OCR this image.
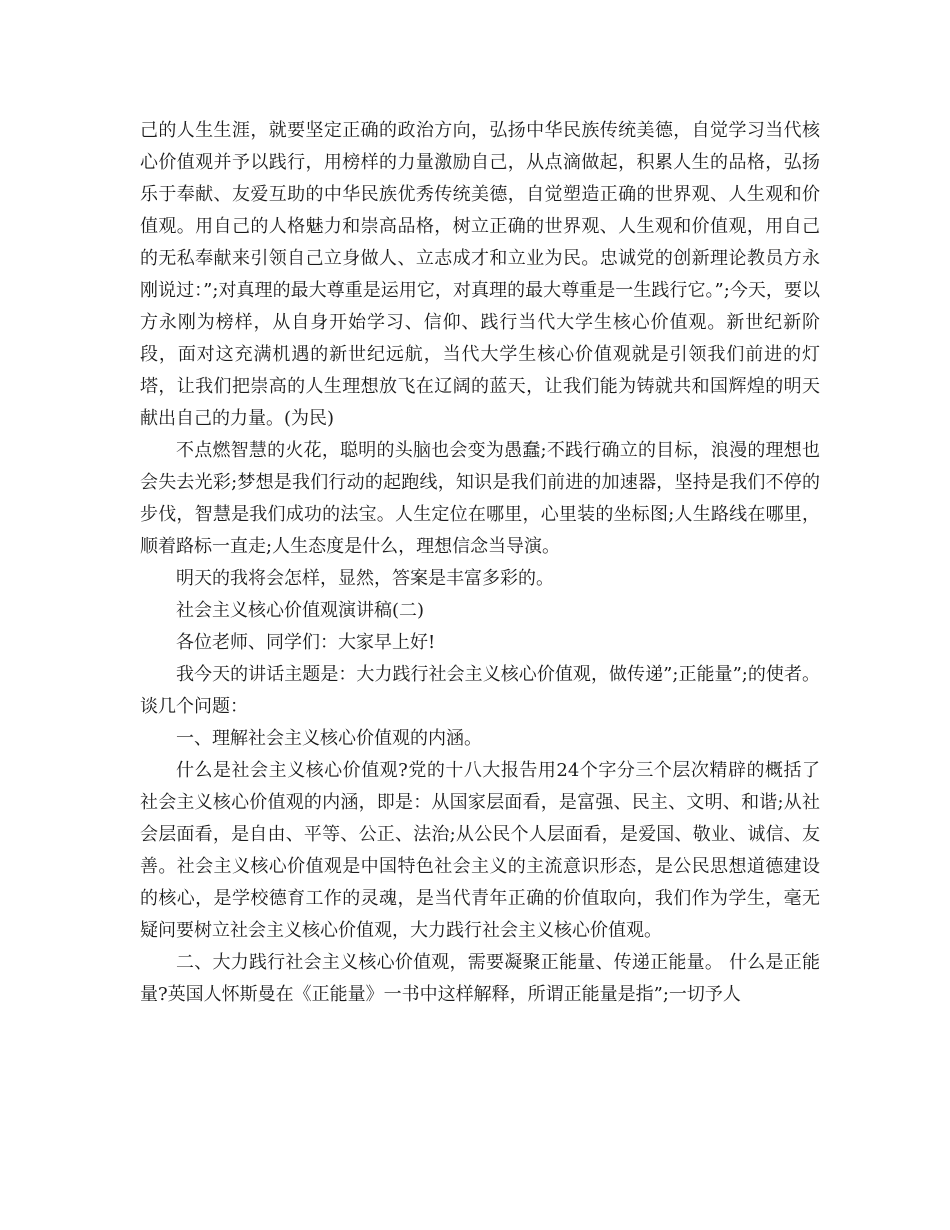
己的人生生涯，就要坚定正确的政治方向，弘扬中华民族传统美德，自觉学习当代核心价值观并予以践行，用榜样的力量激励自己，从点滴做起，积累人生的品格，弘扬乐于奉献、友爱互助的中华民族优秀传统美德，自觉塑造正确的世界观、人生观和价值观。用自己的人格魅力和崇高品格，树立正确的世界观、人生观和价值观，用自己的无私奉献来引领自己立身做人、立志成才和立业为民。忠诚党的创新理论教员方永刚说过：”;对真理的最大尊重是运用它，对真理的最大尊重是一生践行它。”;今天，要以方永刚为榜样，从自身开始学习、信仰、践行当代大学生核心价值观。新世纪新阶段，面对这充满机遇的新世纪远航，当代大学生核心价值观就是引领我们前进的灯塔，让我们把崇高的人生理想放飞在辽阔的蓝天，让我们能为铸就共和国辉煌的明天献出自己的力量。(为民)

不点燃智慧的火花，聪明的头脑也会变为愚蠢;不践行确立的目标，浪漫的理想也会失去光彩;梦想是我们行动的起跑线，知识是我们前进的加速器，坚持是我们不停的步伐，智慧是我们成功的法宝。人生定位在哪里，心里装的坐标图;人生路线在哪里，顺着路标一直走;人生态度是什么，理想信念当导演。

明天的我将会怎样，显然，答案是丰富多彩的。

社会主义核心价值观演讲稿(二)

各位老师、同学们：大家早上好!

我今天的讲话主题是：大力践行社会主义核心价值观，做传递”;正能量”;的使者。谈几个问题：

一、理解社会主义核心价值观的内涵。

什么是社会主义核心价值观?党的十八大报告用24个字分三个层次精辟的概括了社会主义核心价值观的内涵，即是：从国家层面看，是富强、民主、文明、和谐;从社会层面看，是自由、平等、公正、法治;从公民个人层面看，是爱国、敬业、诚信、友善。社会主义核心价值观是中国特色社会主义的主流意识形态，是公民思想道德建设的核心，是学校德育工作的灵魂，是当代青年正确的价值取向，我们作为学生，毫无疑问要树立社会主义核心价值观，大力践行社会主义核心价值观。

二、大力践行社会主义核心价值观，需要凝聚正能量、传递正能量。 什么是正能量?英国人怀斯曼在《正能量》一书中这样解释，所谓正能量是指”;一切予人
